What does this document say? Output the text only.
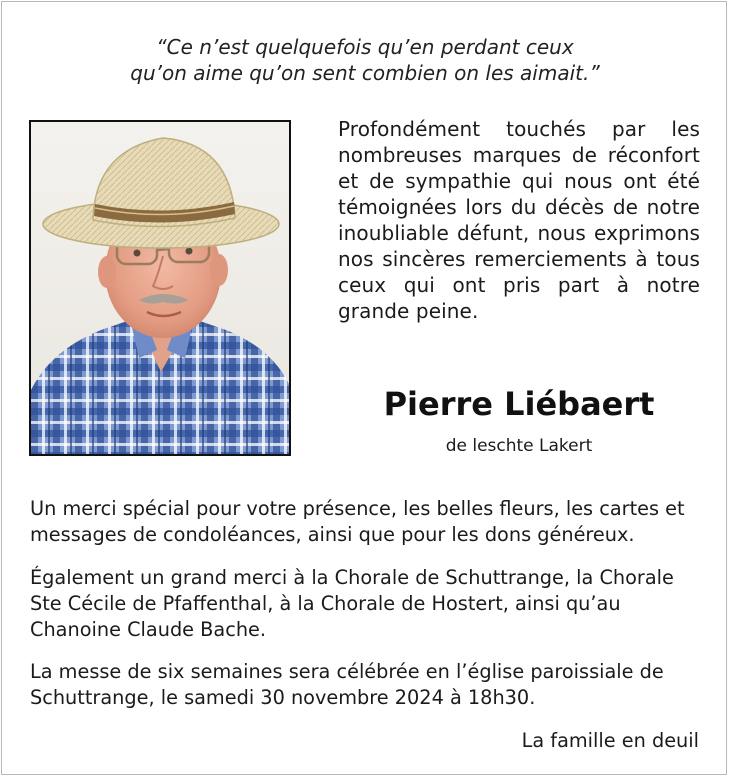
“Ce n’est quelquefois qu’en perdant ceux
qu’on aime qu’on sent combien on les aimait.”
Profondément touchés par les nombreuses marques de réconfort et de sympathie qui nous ont été témoignées lors du décès de notre inoubliable défunt, nous exprimons nos sincères remerciements à tous ceux qui ont pris part à notre grande peine.
Pierre Liébaert
de leschte Lakert
Un merci spécial pour votre présence, les belles fleurs, les cartes et messages de condoléances, ainsi que pour les dons généreux.
Également un grand merci à la Chorale de Schuttrange, la Chorale Ste Cécile de Pfaffenthal, à la Chorale de Hostert, ainsi qu’au Chanoine Claude Bache.
La messe de six semaines sera célébrée en l’église paroissiale de Schuttrange, le samedi 30 novembre 2024 à 18h30.
La famille en deuil
